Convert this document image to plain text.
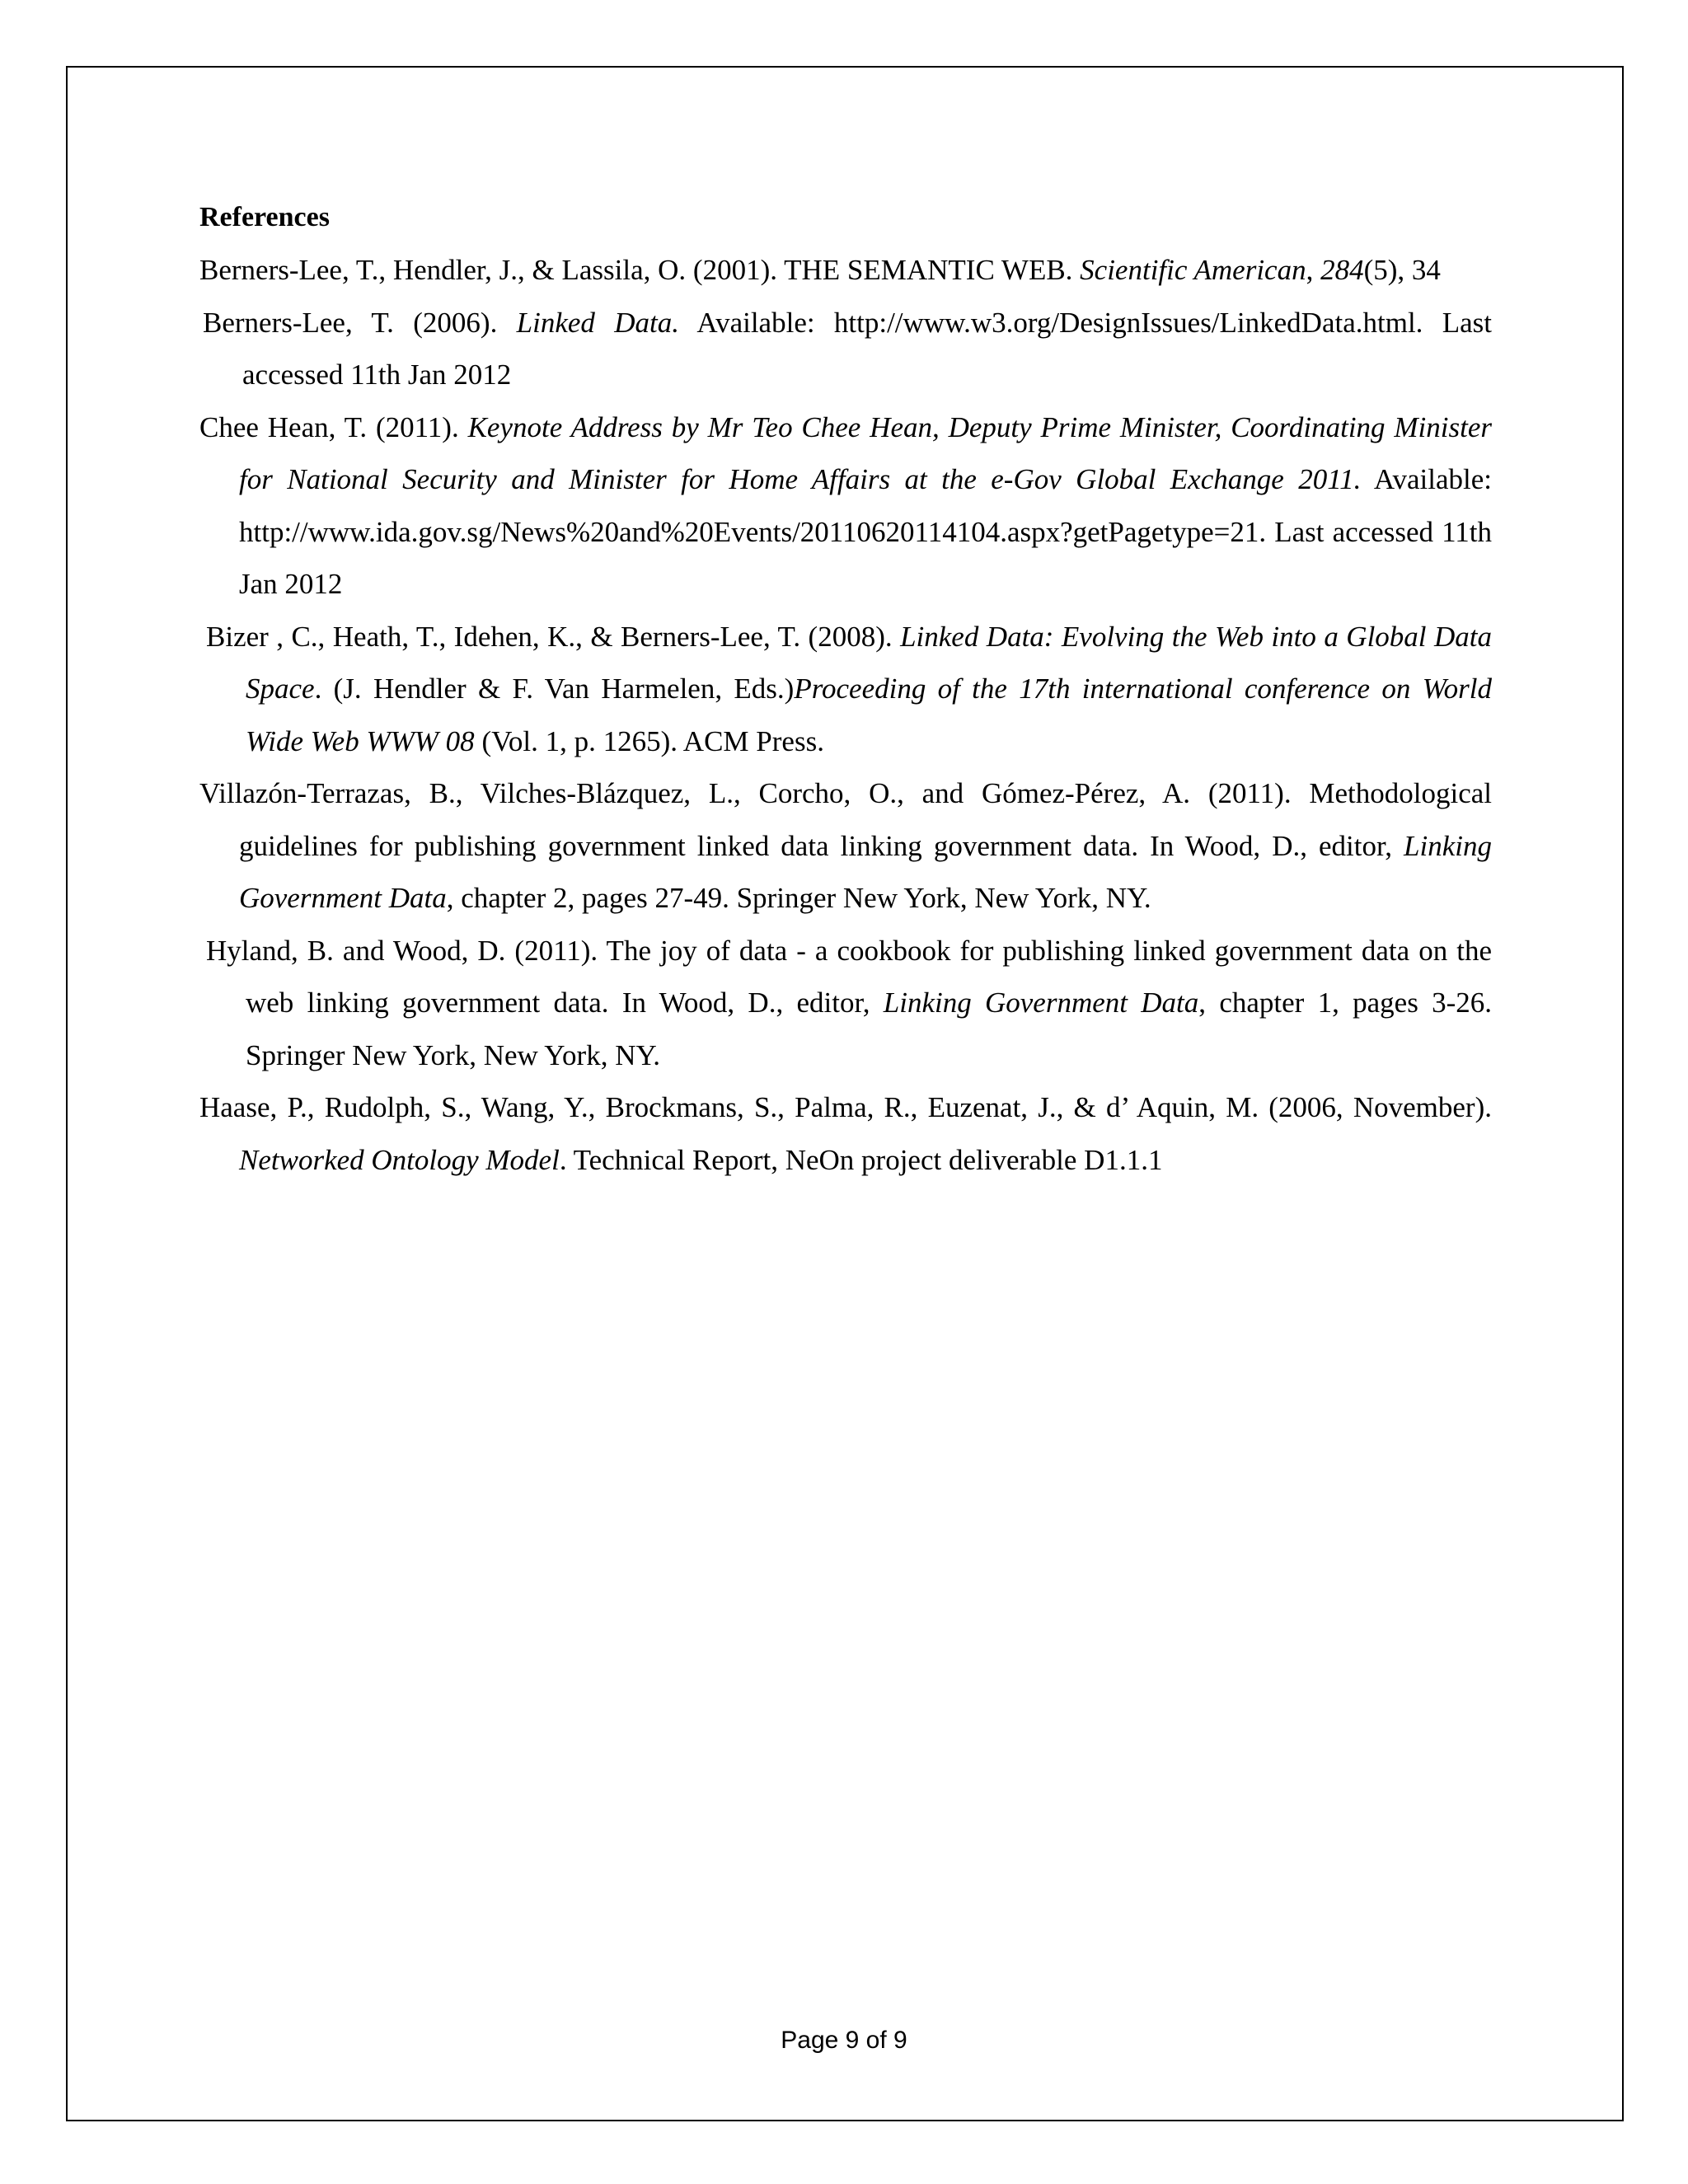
References
Berners-Lee, T., Hendler, J., & Lassila, O. (2001). THE SEMANTIC WEB. Scientific American, 284(5), 34
Berners-Lee, T. (2006). Linked Data. Available: http://www.w3.org/DesignIssues/LinkedData.html. Last accessed 11th Jan 2012
Chee Hean, T. (2011). Keynote Address by Mr Teo Chee Hean, Deputy Prime Minister, Coordinating Minister for National Security and Minister for Home Affairs at the e-Gov Global Exchange 2011. Available: http://www.ida.gov.sg/News%20and%20Events/20110620114104.aspx?getPagetype=21. Last accessed 11th Jan 2012
Bizer , C., Heath, T., Idehen, K., & Berners-Lee, T. (2008). Linked Data: Evolving the Web into a Global Data Space. (J. Hendler & F. Van Harmelen, Eds.)Proceeding of the 17th international conference on World Wide Web WWW 08 (Vol. 1, p. 1265). ACM Press.
Villazón-Terrazas, B., Vilches-Blázquez, L., Corcho, O., and Gómez-Pérez, A. (2011). Methodological guidelines for publishing government linked data linking government data. In Wood, D., editor, Linking Government Data, chapter 2, pages 27-49. Springer New York, New York, NY.
Hyland, B. and Wood, D. (2011). The joy of data - a cookbook for publishing linked government data on the web linking government data. In Wood, D., editor, Linking Government Data, chapter 1, pages 3-26. Springer New York, New York, NY.
Haase, P., Rudolph, S., Wang, Y., Brockmans, S., Palma, R., Euzenat, J., & d’ Aquin, M. (2006, November). Networked Ontology Model. Technical Report, NeOn project deliverable D1.1.1
Page 9 of 9
